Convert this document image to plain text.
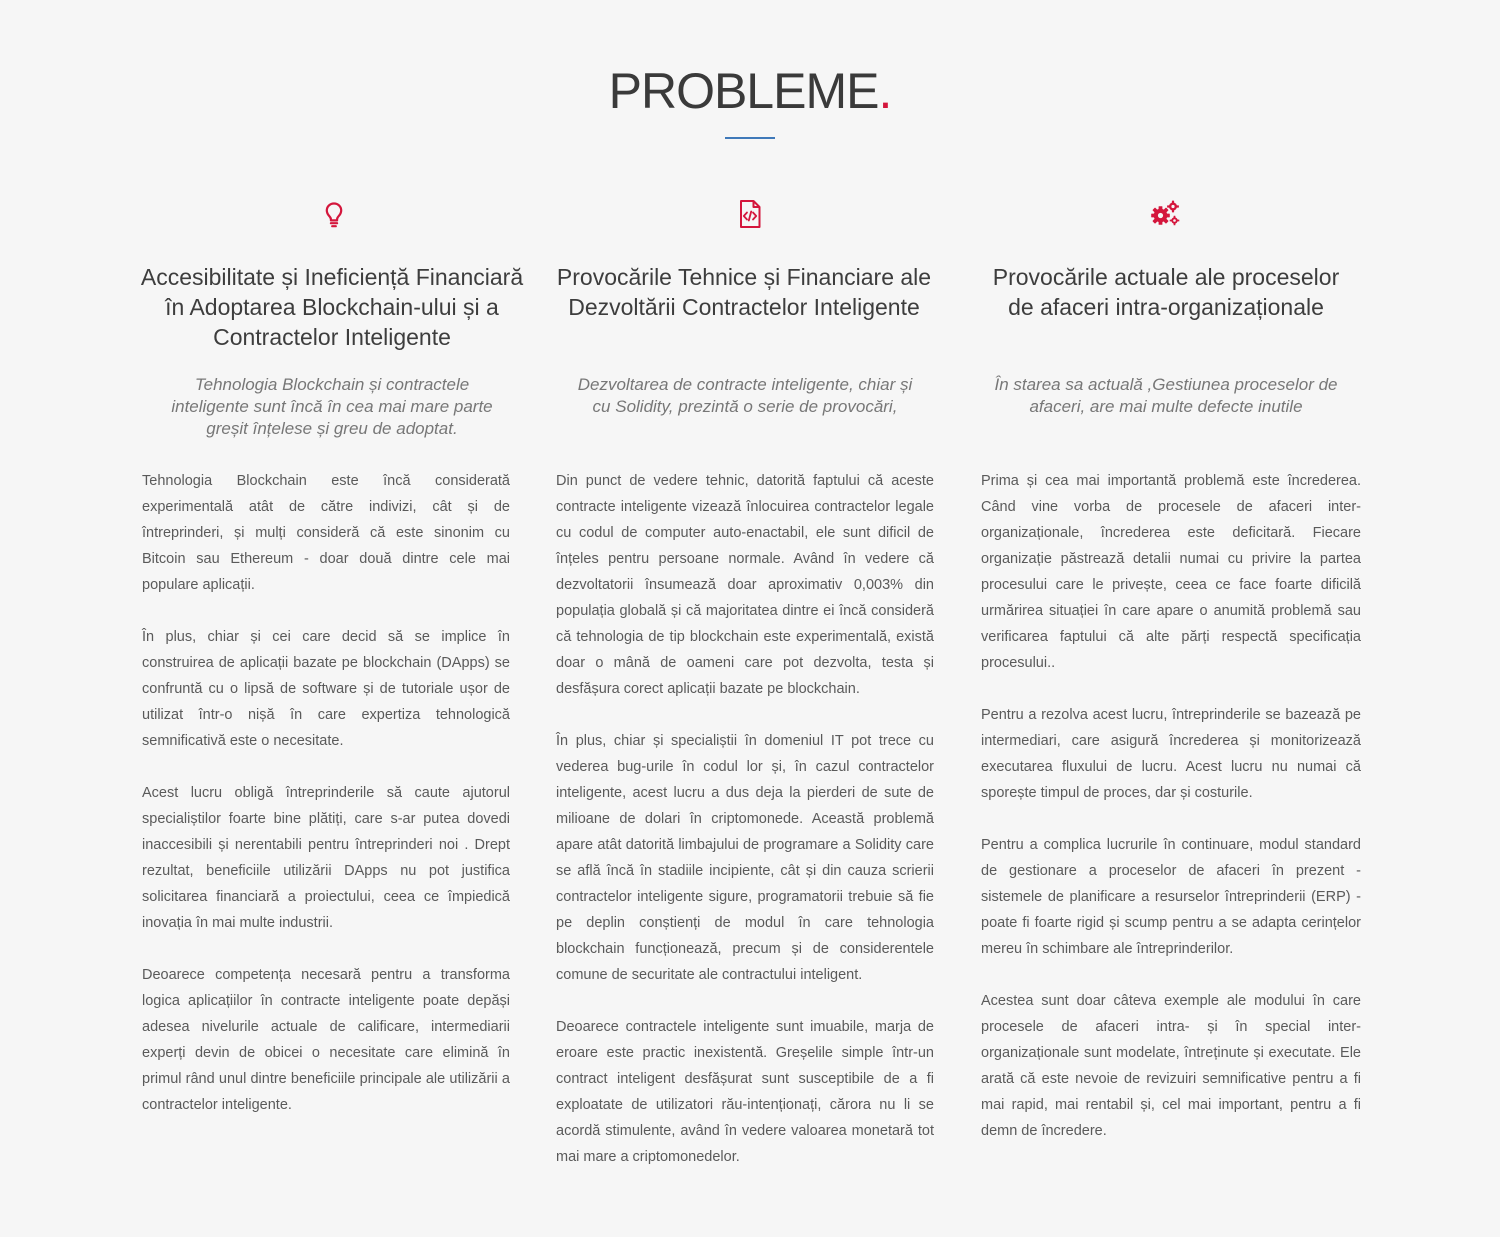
PROBLEME.
Accesibilitate și Ineficiență Financiară în Adoptarea Blockchain-ului și a Contractelor Inteligente

Tehnologia Blockchain și contractele inteligente sunt încă în cea mai mare parte greșit înțelese și greu de adoptat.

Tehnologia Blockchain este încă considerată experimentală atât de către indivizi, cât și de întreprinderi, și mulți consideră că este sinonim cu Bitcoin sau Ethereum - doar două dintre cele mai populare aplicații.

În plus, chiar și cei care decid să se implice în construirea de aplicații bazate pe blockchain (DApps) se confruntă cu o lipsă de software și de tutoriale ușor de utilizat într-o nișă în care expertiza tehnologică semnificativă este o necesitate.

Acest lucru obligă întreprinderile să caute ajutorul specialiștilor foarte bine plătiți, care s-ar putea dovedi inaccesibili și nerentabili pentru întreprinderi noi . Drept rezultat, beneficiile utilizării DApps nu pot justifica solicitarea financiară a proiectului, ceea ce împiedică inovația în mai multe industrii.

Deoarece competența necesară pentru a transforma logica aplicațiilor în contracte inteligente poate depăși adesea nivelurile actuale de calificare, intermediarii experți devin de obicei o necesitate care elimină în primul rând unul dintre beneficiile principale ale utilizării a contractelor inteligente.

Provocările Tehnice și Financiare ale Dezvoltării Contractelor Inteligente

Dezvoltarea de contracte inteligente, chiar și cu Solidity, prezintă o serie de provocări,

Din punct de vedere tehnic, datorită faptului că aceste contracte inteligente vizează înlocuirea contractelor legale cu codul de computer auto-enactabil, ele sunt dificil de înțeles pentru persoane normale. Având în vedere că dezvoltatorii însumează doar aproximativ 0,003% din populația globală și că majoritatea dintre ei încă consideră că tehnologia de tip blockchain este experimentală, există doar o mână de oameni care pot dezvolta, testa și desfășura corect aplicații bazate pe blockchain.

În plus, chiar și specialiștii în domeniul IT pot trece cu vederea bug-urile în codul lor și, în cazul contractelor inteligente, acest lucru a dus deja la pierderi de sute de milioane de dolari în criptomonede. Această problemă apare atât datorită limbajului de programare a Solidity care se află încă în stadiile incipiente, cât și din cauza scrierii contractelor inteligente sigure, programatorii trebuie să fie pe deplin conștienți de modul în care tehnologia blockchain funcționează, precum și de considerentele comune de securitate ale contractului inteligent.

Deoarece contractele inteligente sunt imuabile, marja de eroare este practic inexistentă. Greșelile simple într-un contract inteligent desfășurat sunt susceptibile de a fi exploatate de utilizatori rău-intenționați, cărora nu li se acordă stimulente, având în vedere valoarea monetară tot mai mare a criptomonedelor.

Provocările actuale ale proceselor de afaceri intra-organizaționale

În starea sa actuală ,Gestiunea proceselor de afaceri, are mai multe defecte inutile

Prima și cea mai importantă problemă este încrederea. Când vine vorba de procesele de afaceri inter-organizaționale, încrederea este deficitară. Fiecare organizație păstrează detalii numai cu privire la partea procesului care le privește, ceea ce face foarte dificilă urmărirea situației în care apare o anumită problemă sau verificarea faptului că alte părți respectă specificația procesului..

Pentru a rezolva acest lucru, întreprinderile se bazează pe intermediari, care asigură încrederea și monitorizează executarea fluxului de lucru. Acest lucru nu numai că sporește timpul de proces, dar și costurile.

Pentru a complica lucrurile în continuare, modul standard de gestionare a proceselor de afaceri în prezent - sistemele de planificare a resurselor întreprinderii (ERP) - poate fi foarte rigid și scump pentru a se adapta cerințelor mereu în schimbare ale întreprinderilor.

Acestea sunt doar câteva exemple ale modului în care procesele de afaceri intra- și în special inter-organizaționale sunt modelate, întreținute și executate. Ele arată că este nevoie de revizuiri semnificative pentru a fi mai rapid, mai rentabil și, cel mai important, pentru a fi demn de încredere.
